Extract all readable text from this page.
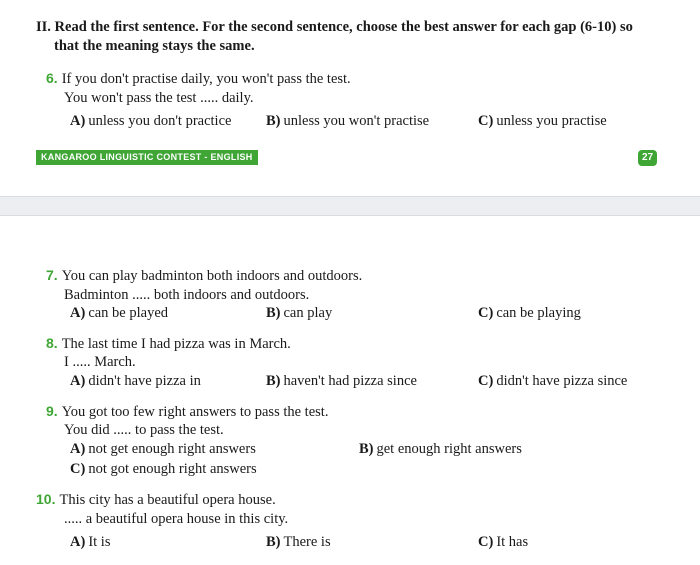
II. Read the first sentence. For the second sentence, choose the best answer for each gap (6-10) so
that the meaning stays the same.
6. If you don't practise daily, you won't pass the test.
You won't pass the test ..... daily.
A) unless you don't practice B) unless you won't practise	C) unless you practise
KANGAROO LINGUISTIC CONTEST - ENGLISH	27
7. You can play badminton both indoors and outdoors.
Badminton ..... both indoors and outdoors.
A) can be played	B) can play	C) can be playing
8. The last time I had pizza was in March.
I ..... March.
A) didn't have pizza in	B) haven't had pizza since	C) didn't have pizza since
9. You got too few right answers to pass the test.
You did ..... to pass the test.
A) not get enough right answers	B) get enough right answers
C) not got enough right answers
10. This city has a beautiful opera house.
..... a beautiful opera house in this city.
A) It is	B) There is	C) It has
